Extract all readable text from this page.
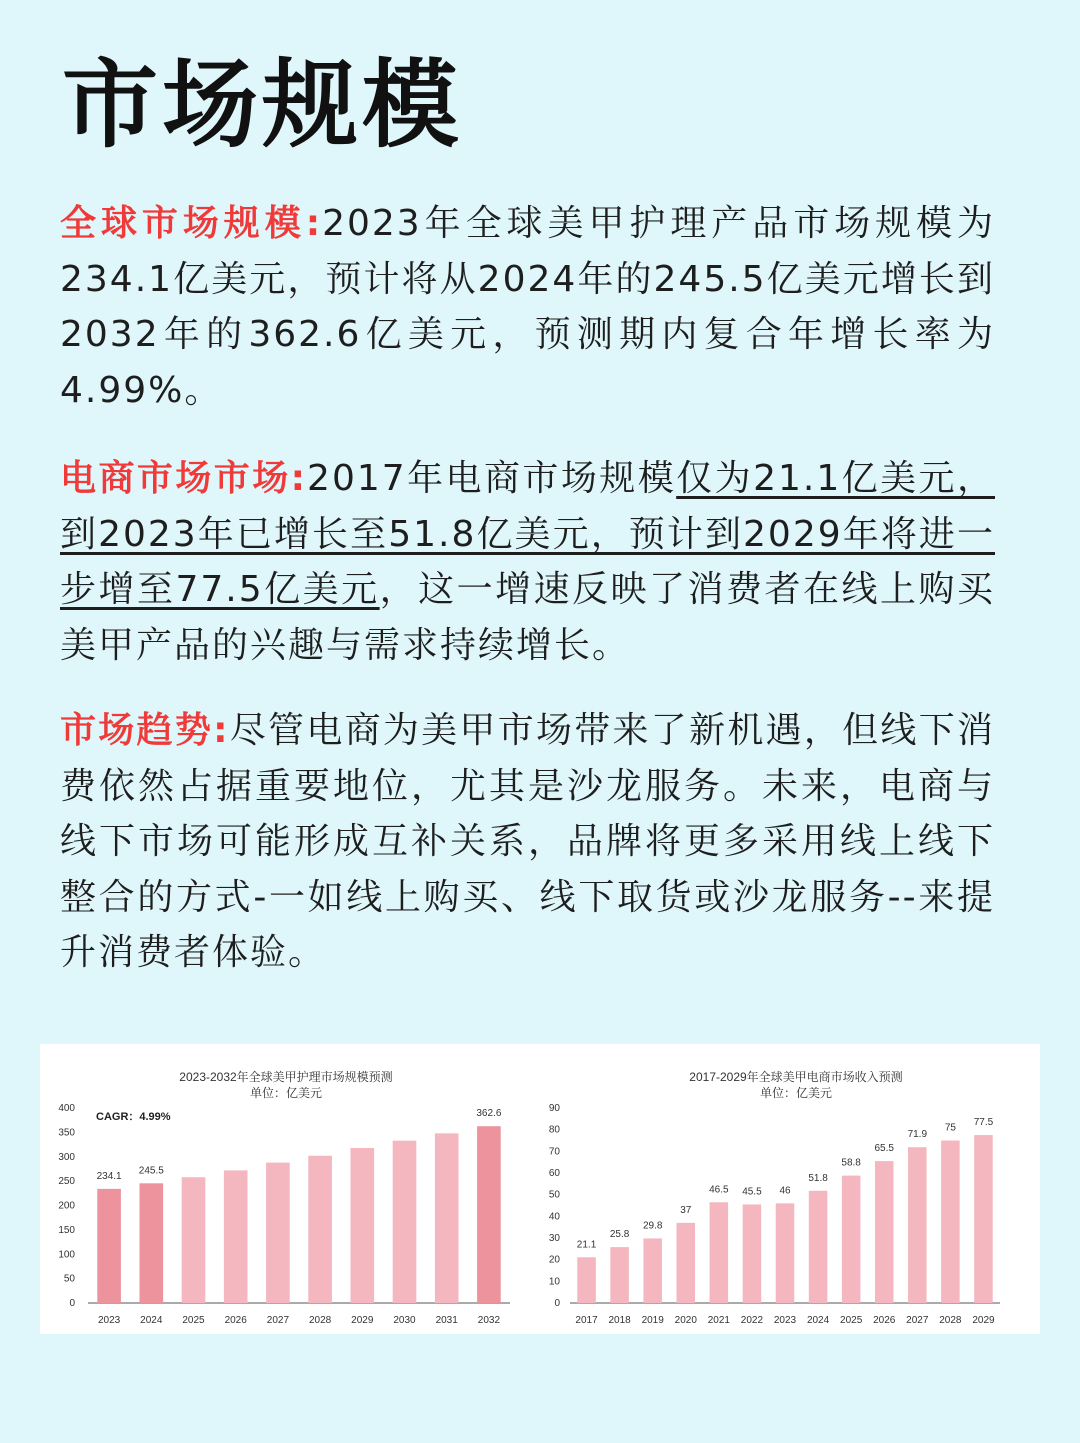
市场规模

全球市场规模:2023年全球美甲护理产品市场规模为234.1亿美元，预计将从2024年的245.5亿美元增长到2032年的362.6亿美元，预测期内复合年增长率为4.99%。

电商市场市场:2017年电商市场规模仅为21.1亿美元，到2023年已增长至51.8亿美元，预计到2029年将进一步增至77.5亿美元，这一增速反映了消费者在线上购买美甲产品的兴趣与需求持续增长。

市场趋势:尽管电商为美甲市场带来了新机遇，但线下消费依然占据重要地位，尤其是沙龙服务。未来，电商与线下市场可能形成互补关系，品牌将更多采用线上线下整合的方式-一如线上购买、线下取货或沙龙服务--来提升消费者体验。

2023-2032年全球美甲护理市场规模预测
单位：亿美元
0
50
100
150
200
250
300
350
400
234.1
2023
245.5
2024 2025 2026 2027 2028 2029 2030 2031
362.6
2032
CAGR：4.99%
2017-2029年全球美甲电商市场收入预测
单位：亿美元
0
10
20
30
40
50
60
70
80
90
21.1
2017
25.8
2018
29.8
2019
37
2020
46.5
2021
45.5
2022
46
2023
51.8
2024
58.8
2025
65.5
2026
71.9
2027
75
2028
77.5
2029
